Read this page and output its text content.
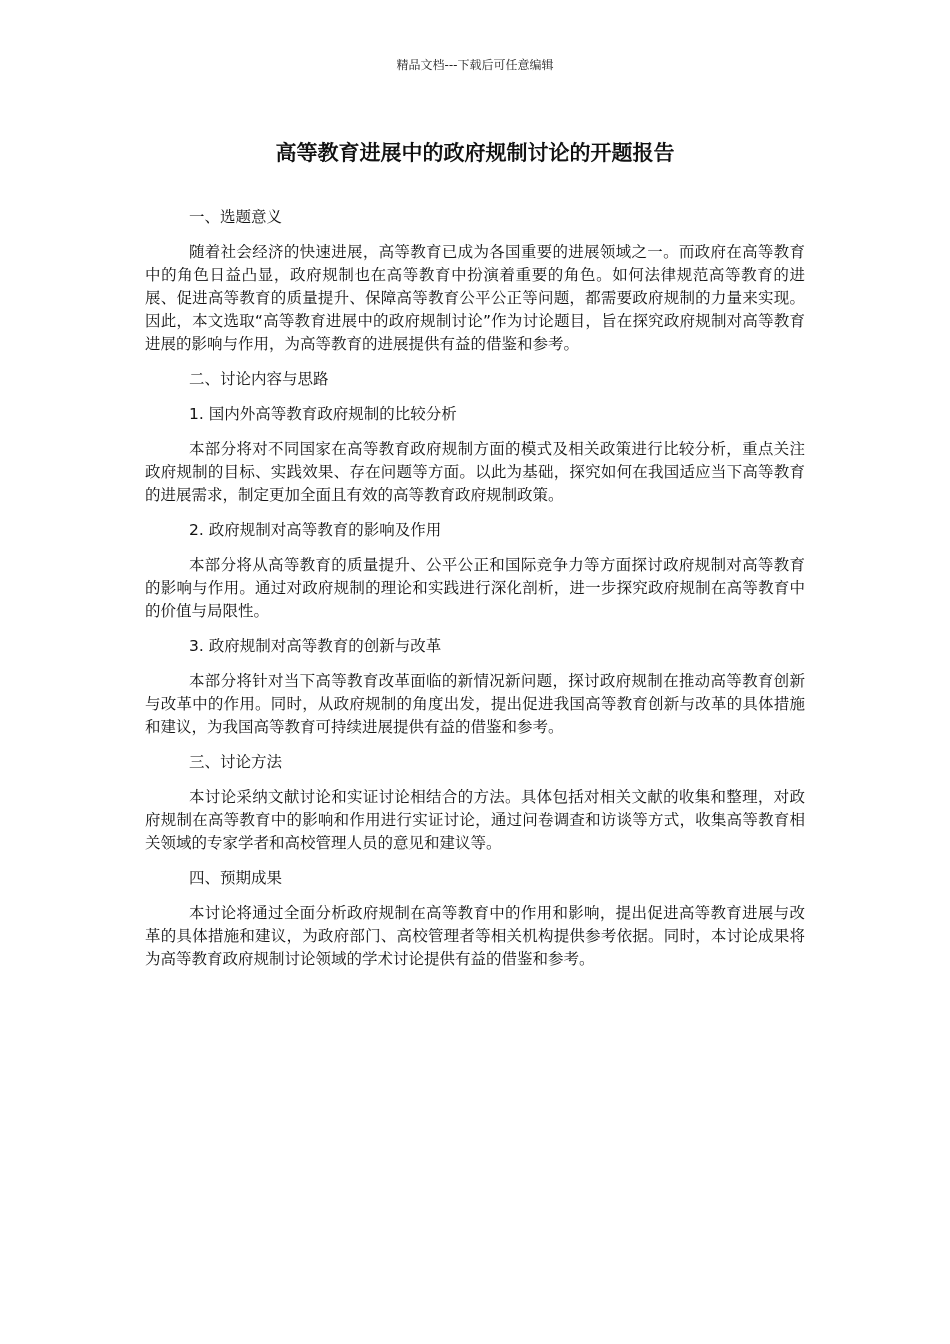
精品文档---下载后可任意编辑
高等教育进展中的政府规制讨论的开题报告
一、选题意义

随着社会经济的快速进展，高等教育已成为各国重要的进展领域之一。而政府在高等教育中的角色日益凸显，政府规制也在高等教育中扮演着重要的角色。如何法律规范高等教育的进展、促进高等教育的质量提升、保障高等教育公平公正等问题，都需要政府规制的力量来实现。因此，本文选取“高等教育进展中的政府规制讨论”作为讨论题目，旨在探究政府规制对高等教育进展的影响与作用，为高等教育的进展提供有益的借鉴和参考。

二、讨论内容与思路
1. 国内外高等教育政府规制的比较分析

本部分将对不同国家在高等教育政府规制方面的模式及相关政策进行比较分析，重点关注政府规制的目标、实践效果、存在问题等方面。以此为基础，探究如何在我国适应当下高等教育的进展需求，制定更加全面且有效的高等教育政府规制政策。

2. 政府规制对高等教育的影响及作用

本部分将从高等教育的质量提升、公平公正和国际竞争力等方面探讨政府规制对高等教育的影响与作用。通过对政府规制的理论和实践进行深化剖析，进一步探究政府规制在高等教育中的价值与局限性。

3. 政府规制对高等教育的创新与改革

本部分将针对当下高等教育改革面临的新情况新问题，探讨政府规制在推动高等教育创新与改革中的作用。同时，从政府规制的角度出发，提出促进我国高等教育创新与改革的具体措施和建议，为我国高等教育可持续进展提供有益的借鉴和参考。

三、讨论方法

本讨论采纳文献讨论和实证讨论相结合的方法。具体包括对相关文献的收集和整理，对政府规制在高等教育中的影响和作用进行实证讨论，通过问卷调查和访谈等方式，收集高等教育相关领域的专家学者和高校管理人员的意见和建议等。

四、预期成果

本讨论将通过全面分析政府规制在高等教育中的作用和影响，提出促进高等教育进展与改革的具体措施和建议，为政府部门、高校管理者等相关机构提供参考依据。同时，本讨论成果将为高等教育政府规制讨论领域的学术讨论提供有益的借鉴和参考。
